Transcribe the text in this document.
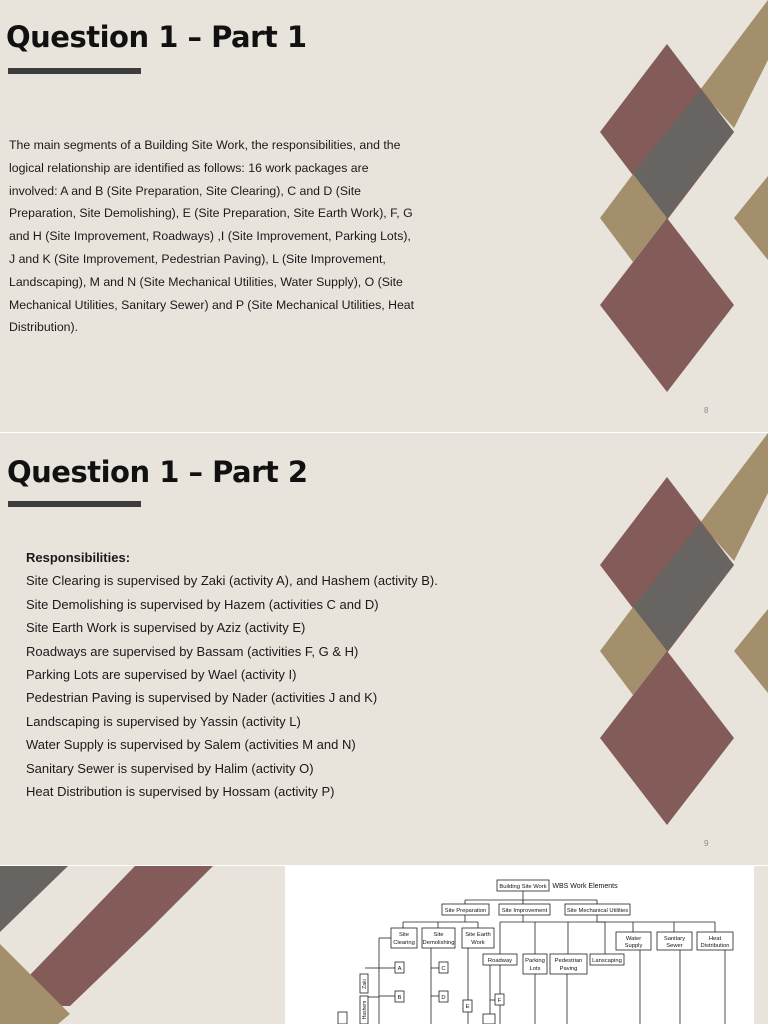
Question 1 – Part 1

The main segments of a Building Site Work, the responsibilities, and the logical relationship are identified as follows: 16 work packages are involved: A and B (Site Preparation, Site Clearing), C and D (Site Preparation, Site Demolishing), E (Site Preparation, Site Earth Work), F, G and H (Site Improvement, Roadways) ,I (Site Improvement, Parking Lots), J and K (Site Improvement, Pedestrian Paving), L (Site Improvement, Landscaping), M and N (Site Mechanical Utilities, Water Supply), O (Site Mechanical Utilities, Sanitary Sewer) and P (Site Mechanical Utilities, Heat Distribution).

8
Question 1 – Part 2
9
Responsibilities:
Site Clearing is supervised by Zaki (activity A), and Hashem (activity B).
Site Demolishing is supervised by Hazem (activities C and D)
Site Earth Work is supervised by Aziz (activity E)
Roadways are supervised by Bassam (activities F, G & H)
Parking Lots are supervised by Wael (activity I)
Pedestrian Paving is supervised by Nader (activities J and K)
Landscaping is supervised by Yassin (activity L)
Water Supply is supervised by Salem (activities M and N)
Sanitary Sewer is supervised by Halim (activity O)
Heat Distribution is supervised by Hossam (activity P)
Building Site Work WBS Work Elements
Site Preparation	Site Improvement	Site Mechanical Utilities
Site
Clearing
Site
Demolishing
Site Earth
Work
Roadway Parking
Lots
Pedestrian
Paving
Lanscaping
Water
Supply
Sanitary
Sewer
Heat
Distribution
A
B
C
D
E
F
Zaki
Hashem
